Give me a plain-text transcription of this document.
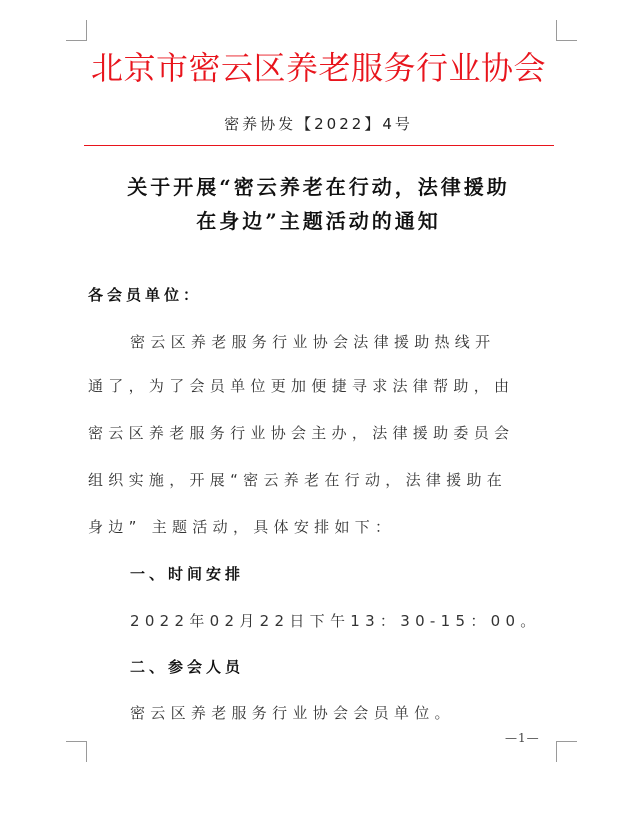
北京市密云区养老服务行业协会
密养协发【2022】4号
关于开展“密云养老在行动，法律援助
在身边”主题活动的通知
各会员单位：
密云区养老服务行业协会法律援助热线开
通了，为了会员单位更加便捷寻求法律帮助，由
密云区养老服务行业协会主办，法律援助委员会
组织实施，开展“密云养老在行动，法律援助在
身边” 主题活动，具体安排如下：
一、时间安排
2022年02月22日下午13：30-15：00。
二、参会人员
密云区养老服务行业协会会员单位。
—1—
